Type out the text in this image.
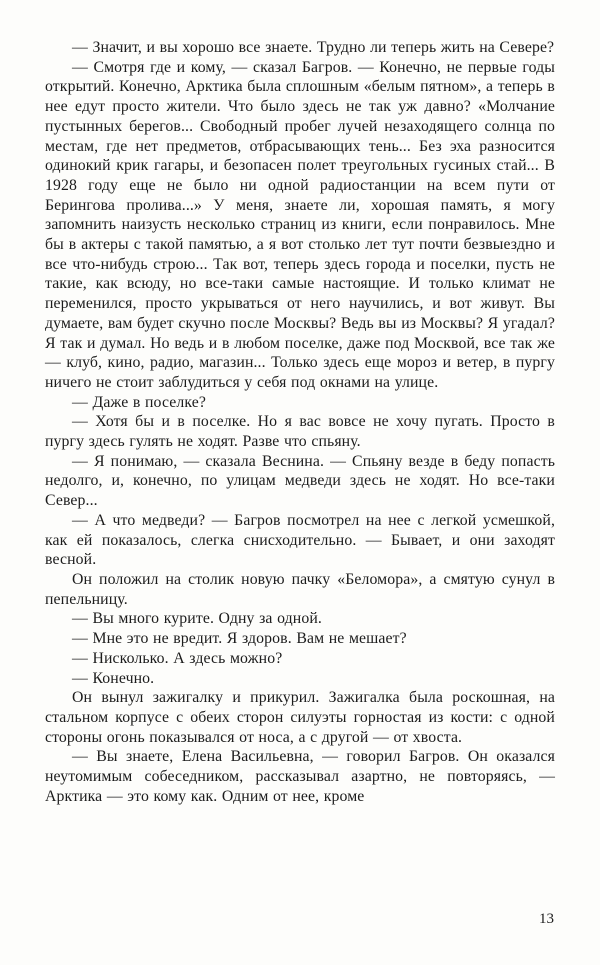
— Значит, и вы хорошо все знаете. Трудно ли теперь жить на Севере?

— Смотря где и кому, — сказал Багров. — Конечно, не первые годы открытий. Конечно, Арктика была сплошным «белым пятном», а теперь в нее едут просто жители. Что было здесь не так уж давно? «Молчание пустынных берегов... Свободный пробег лучей незаходящего солнца по местам, где нет предметов, отбрасывающих тень... Без эха разносится одинокий крик гагары, и безопасен полет треугольных гусиных стай... В 1928 году еще не было ни одной радиостанции на всем пути от Берингова пролива...» У меня, знаете ли, хорошая память, я могу запомнить наизусть несколько страниц из книги, если понравилось. Мне бы в актеры с такой памятью, а я вот столько лет тут почти безвыездно и все что-нибудь строю... Так вот, теперь здесь города и поселки, пусть не такие, как всюду, но все-таки самые настоящие. И только климат не переменился, просто укрываться от него научились, и вот живут. Вы думаете, вам будет скучно после Москвы? Ведь вы из Москвы? Я угадал? Я так и думал. Но ведь и в любом поселке, даже под Москвой, все так же — клуб, кино, радио, магазин... Только здесь еще мороз и ветер, в пургу ничего не стоит заблудиться у себя под окнами на улице.

— Даже в поселке?

— Хотя бы и в поселке. Но я вас вовсе не хочу пугать. Просто в пургу здесь гулять не ходят. Разве что спьяну.

— Я понимаю, — сказала Веснина. — Спьяну везде в беду попасть недолго, и, конечно, по улицам медведи здесь не ходят. Но все-таки Север...

— А что медведи? — Багров посмотрел на нее с легкой усмешкой, как ей показалось, слегка снисходительно. — Бывает, и они заходят весной.

Он положил на столик новую пачку «Беломора», а смятую сунул в пепельницу.

— Вы много курите. Одну за одной.

— Мне это не вредит. Я здоров. Вам не мешает?

— Нисколько. А здесь можно?

— Конечно.

Он вынул зажигалку и прикурил. Зажигалка была роскошная, на стальном корпусе с обеих сторон силуэты горностая из кости: с одной стороны огонь показывался от носа, а с другой — от хвоста.

— Вы знаете, Елена Васильевна, — говорил Багров. Он оказался неутомимым собеседником, рассказывал азартно, не повторяясь, — Арктика — это кому как. Одним от нее, кроме

13
